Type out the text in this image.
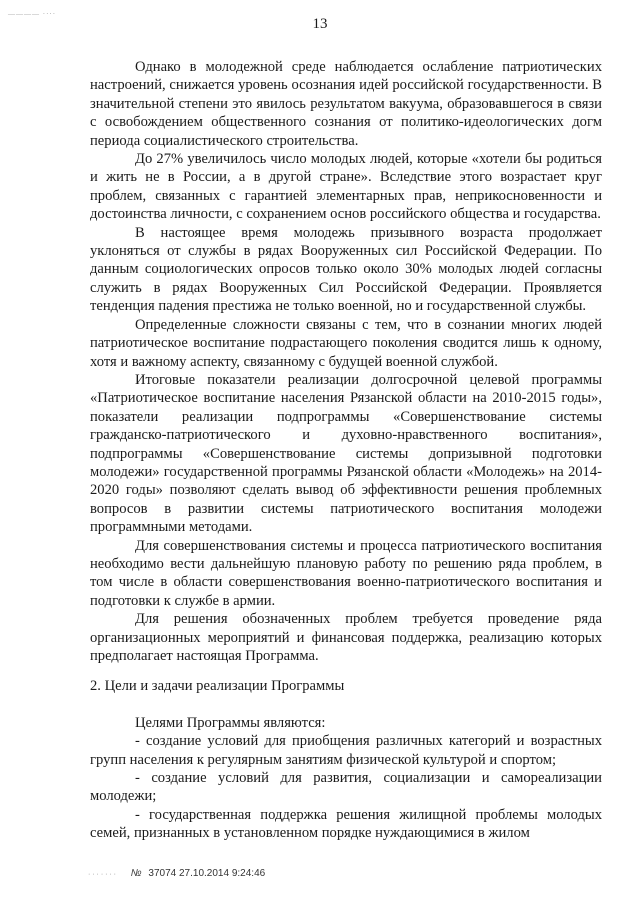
———— ····
13

Однако в молодежной среде наблюдается ослабление патриотических настроений, снижается уровень осознания идей российской государственности. В значительной степени это явилось результатом вакуума, образовавшегося в связи с освобождением общественного сознания от политико-идеологических догм периода социалистического строительства.

До 27% увеличилось число молодых людей, которые «хотели бы родиться и жить не в России, а в другой стране». Вследствие этого возрастает круг проблем, связанных с гарантией элементарных прав, неприкосновенности и достоинства личности, с сохранением основ российского общества и государства.

В настоящее время молодежь призывного возраста продолжает уклоняться от службы в рядах Вооруженных сил Российской Федерации. По данным социологических опросов только около 30% молодых людей согласны служить в рядах Вооруженных Сил Российской Федерации. Проявляется тенденция падения престижа не только военной, но и государственной службы.

Определенные сложности связаны с тем, что в сознании многих людей патриотическое воспитание подрастающего поколения сводится лишь к одному, хотя и важному аспекту, связанному с будущей военной службой.

Итоговые показатели реализации долгосрочной целевой программы «Патриотическое воспитание населения Рязанской области на 2010-2015 годы», показатели реализации подпрограммы «Совершенствование системы гражданско-патриотического и духовно-нравственного воспитания», подпрограммы «Совершенствование системы допризывной подготовки молодежи» государственной программы Рязанской области «Молодежь» на 2014-2020 годы» позволяют сделать вывод об эффективности решения проблемных вопросов в развитии системы патриотического воспитания молодежи программными методами.

Для совершенствования системы и процесса патриотического воспитания необходимо вести дальнейшую плановую работу по решению ряда проблем, в том числе в области совершенствования военно-патриотического воспитания и подготовки к службе в армии.

Для решения обозначенных проблем требуется проведение ряда организационных мероприятий и финансовая поддержка, реализацию которых предполагает настоящая Программа.

2. Цели и задачи реализации Программы

Целями Программы являются:

- создание условий для приобщения различных категорий и возрастных групп населения к регулярным занятиям физической культурой и спортом;

- создание условий для развития, социализации и самореализации молодежи;

- государственная поддержка решения жилищной проблемы молодых семей, признанных в установленном порядке нуждающимися в жилом

· · · · · · · № 37074 27.10.2014 9:24:46
